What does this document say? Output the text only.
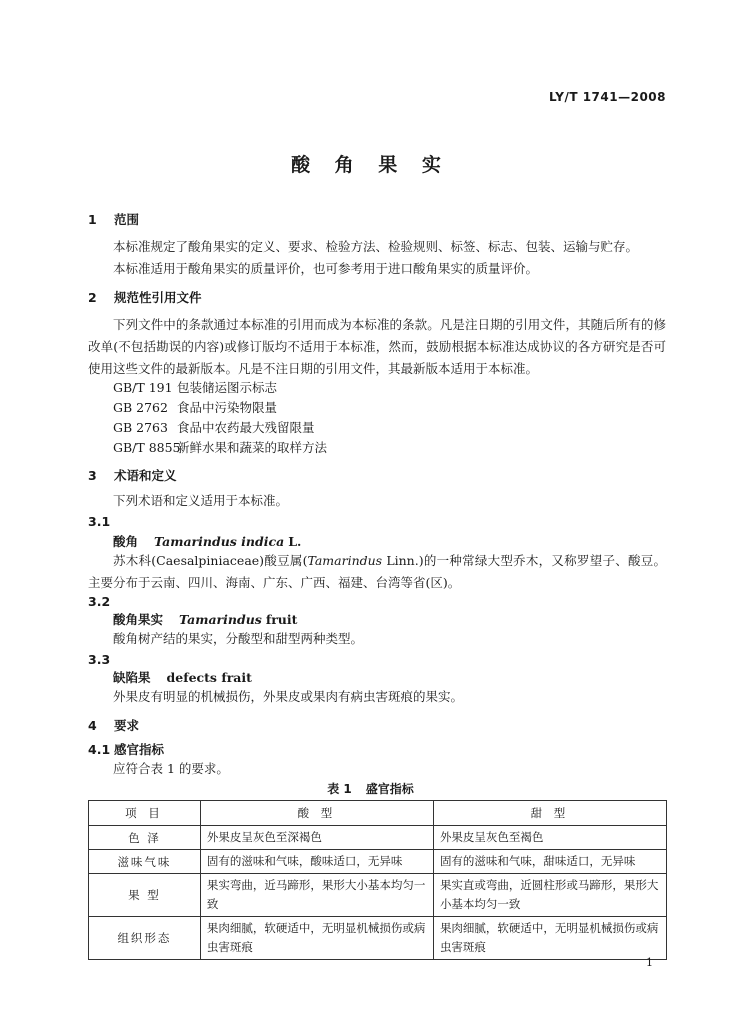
LY/T 1741—2008
酸 角 果 实
1 范围
本标准规定了酸角果实的定义、要求、检验方法、检验规则、标签、标志、包装、运输与贮存。
本标准适用于酸角果实的质量评价，也可参考用于进口酸角果实的质量评价。
2 规范性引用文件
下列文件中的条款通过本标准的引用而成为本标准的条款。凡是注日期的引用文件，其随后所有的修改单(不包括勘误的内容)或修订版均不适用于本标准，然而，鼓励根据本标准达成协议的各方研究是否可使用这些文件的最新版本。凡是不注日期的引用文件，其最新版本适用于本标准。
GB/T 191 包装储运图示标志
GB 2762 食品中污染物限量
GB 2763 食品中农药最大残留限量
GB/T 8855新鲜水果和蔬菜的取样方法
3 术语和定义
下列术语和定义适用于本标准。
3.1
酸角 Tamarindus indica L.
苏木科(Caesalpiniaceae)酸豆属(Tamarindus Linn.)的一种常绿大型乔木，又称罗望子、酸豆。主要分布于云南、四川、海南、广东、广西、福建、台湾等省(区)。
3.2
酸角果实 Tamarindus fruit
酸角树产结的果实，分酸型和甜型两种类型。
3.3
缺陷果 defects frait
外果皮有明显的机械损伤，外果皮或果肉有病虫害斑痕的果实。
4 要求
4.1 感官指标
应符合表 1 的要求。
表 1 盛官指标
项 目	酸 型	甜 型
色 泽	外果皮呈灰色至深褐色	外果皮呈灰色至褐色
滋味气味	固有的滋味和气味，酸味适口，无异味	固有的滋味和气味，甜味适口，无异味
果 型	果实弯曲，近马蹄形，果形大小基本均匀一致	果实直或弯曲，近圆柱形或马蹄形，果形大小基本均匀一致
组织形态	果肉细腻，软硬适中，无明显机械损伤或病虫害斑痕	果肉细腻，软硬适中，无明显机械损伤或病虫害斑痕
1
